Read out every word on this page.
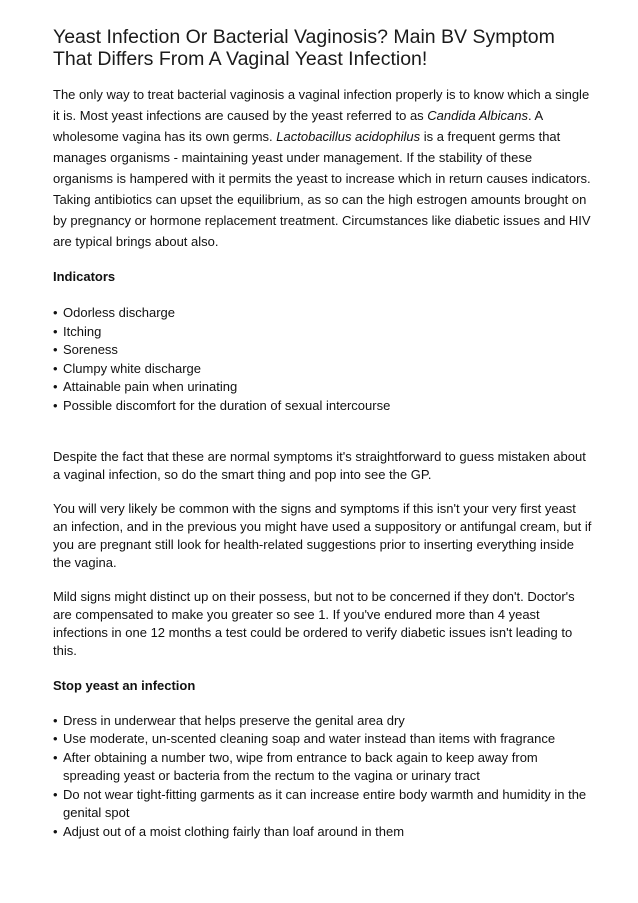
Yeast Infection Or Bacterial Vaginosis? Main BV Symptom That Differs From A Vaginal Yeast Infection!

The only way to treat bacterial vaginosis a vaginal infection properly is to know which a single it is. Most yeast infections are caused by the yeast referred to as Candida Albicans. A wholesome vagina has its own germs. Lactobacillus acidophilus is a frequent germs that manages organisms - maintaining yeast under management. If the stability of these organisms is hampered with it permits the yeast to increase which in return causes indicators. Taking antibiotics can upset the equilibrium, as so can the high estrogen amounts brought on by pregnancy or hormone replacement treatment. Circumstances like diabetic issues and HIV are typical brings about also.

Indicators

• Odorless discharge
• Itching
• Soreness
• Clumpy white discharge
• Attainable pain when urinating
• Possible discomfort for the duration of sexual intercourse

Despite the fact that these are normal symptoms it's straightforward to guess mistaken about a vaginal infection, so do the smart thing and pop into see the GP.

You will very likely be common with the signs and symptoms if this isn't your very first yeast an infection, and in the previous you might have used a suppository or antifungal cream, but if you are pregnant still look for health-related suggestions prior to inserting everything inside the vagina.

Mild signs might distinct up on their possess, but not to be concerned if they don't. Doctor's are compensated to make you greater so see 1. If you've endured more than 4 yeast infections in one 12 months a test could be ordered to verify diabetic issues isn't leading to this.

Stop yeast an infection

• Dress in underwear that helps preserve the genital area dry
• Use moderate, un-scented cleaning soap and water instead than items with fragrance
• After obtaining a number two, wipe from entrance to back again to keep away from spreading yeast or bacteria from the rectum to the vagina or urinary tract
• Do not wear tight-fitting garments as it can increase entire body warmth and humidity in the genital spot
• Adjust out of a moist clothing fairly than loaf around in them
